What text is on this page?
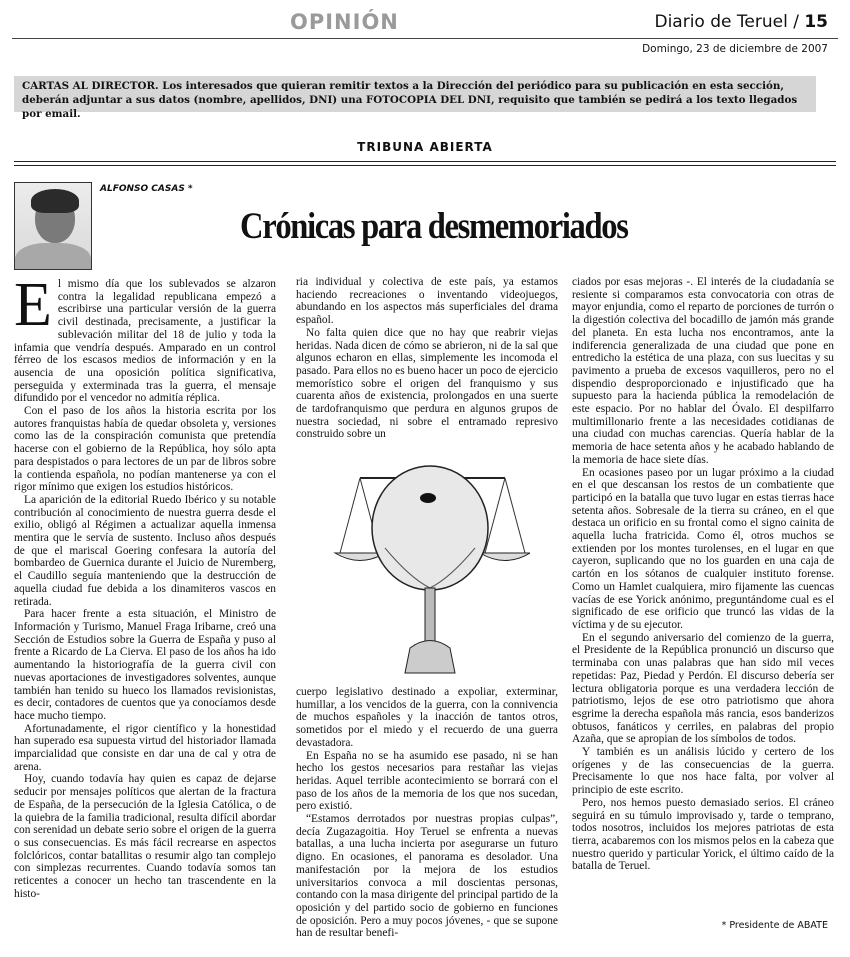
OPINIÓN	Diario de Teruel / 15
Domingo, 23 de diciembre de 2007
CARTAS AL DIRECTOR. Los interesados que quieran remitir textos a la Dirección del periódico para su publicación en esta sección, deberán adjuntar a sus datos (nombre, apellidos, DNI) una FOTOCOPIA DEL DNI, requisito que también se pedirá a los texto llegados por email.
TRIBUNA ABIERTA
ALFONSO CASAS *
Crónicas para desmemoriados

El mismo día que los sublevados se alzaron contra la legalidad republicana empezó a escribirse una particular versión de la guerra civil destinada, precisamente, a justificar la sublevación militar del 18 de julio y toda la infamia que vendría después. Amparado en un control férreo de los escasos medios de información y en la ausencia de una oposición política significativa, perseguida y exterminada tras la guerra, el mensaje difundido por el vencedor no admitía réplica.

Con el paso de los años la historia escrita por los autores franquistas había de quedar obsoleta y, versiones como las de la conspiración comunista que pretendía hacerse con el gobierno de la República, hoy sólo apta para despistados o para lectores de un par de libros sobre la contienda española, no podían mantenerse ya con el rigor mínimo que exigen los estudios históricos.

La aparición de la editorial Ruedo Ibérico y su notable contribución al conocimiento de nuestra guerra desde el exilio, obligó al Régimen a actualizar aquella inmensa mentira que le servía de sustento. Incluso años después de que el mariscal Goering confesara la autoría del bombardeo de Guernica durante el Juicio de Nuremberg, el Caudillo seguía manteniendo que la destrucción de aquella ciudad fue debida a los dinamiteros vascos en retirada.

Para hacer frente a esta situación, el Ministro de Información y Turismo, Manuel Fraga Iribarne, creó una Sección de Estudios sobre la Guerra de España y puso al frente a Ricardo de La Cierva. El paso de los años ha ido aumentando la historiografía de la guerra civil con nuevas aportaciones de investigadores solventes, aunque también han tenido su hueco los llamados revisionistas, es decir, contadores de cuentos que ya conocíamos desde hace mucho tiempo.

Afortunadamente, el rigor científico y la honestidad han superado esa supuesta virtud del historiador llamada imparcialidad que consiste en dar una de cal y otra de arena.

Hoy, cuando todavía hay quien es capaz de dejarse seducir por mensajes políticos que alertan de la fractura de España, de la persecución de la Iglesia Católica, o de la quiebra de la familia tradicional, resulta difícil abordar con serenidad un debate serio sobre el origen de la guerra o sus consecuencias. Es más fácil recrearse en aspectos folclóricos, contar batallitas o resumir algo tan complejo con simplezas recurrentes. Cuando todavía somos tan reticentes a conocer un hecho tan trascendente en la histo-

ria individual y colectiva de este país, ya estamos haciendo recreaciones o inventando videojuegos, abundando en los aspectos más superficiales del drama español.

No falta quien dice que no hay que reabrir viejas heridas. Nada dicen de cómo se abrieron, ni de la sal que algunos echaron en ellas, simplemente les incomoda el pasado. Para ellos no es bueno hacer un poco de ejercicio memorístico sobre el origen del franquismo y sus cuarenta años de existencia, prolongados en una suerte de tardofranquismo que perdura en algunos grupos de nuestra sociedad, ni sobre el entramado represivo construido sobre un

cuerpo legislativo destinado a expoliar, exterminar, humillar, a los vencidos de la guerra, con la connivencia de muchos españoles y la inacción de tantos otros, sometidos por el miedo y el recuerdo de una guerra devastadora.

En España no se ha asumido ese pasado, ni se han hecho los gestos necesarios para restañar las viejas heridas. Aquel terrible acontecimiento se borrará con el paso de los años de la memoria de los que nos sucedan, pero existió.

“Estamos derrotados por nuestras propias culpas”, decía Zugazagoitia. Hoy Teruel se enfrenta a nuevas batallas, a una lucha incierta por asegurarse un futuro digno. En ocasiones, el panorama es desolador. Una manifestación por la mejora de los estudios universitarios convoca a mil doscientas personas, contando con la masa dirigente del principal partido de la oposición y del partido socio de gobierno en funciones de oposición. Pero a muy pocos jóvenes, - que se supone han de resultar benefi-

ciados por esas mejoras -. El interés de la ciudadanía se resiente si comparamos esta convocatoria con otras de mayor enjundia, como el reparto de porciones de turrón o la digestión colectiva del bocadillo de jamón más grande del planeta. En esta lucha nos encontramos, ante la indiferencia generalizada de una ciudad que pone en entredicho la estética de una plaza, con sus luecitas y su pavimento a prueba de excesos vaquilleros, pero no el dispendio desproporcionado e injustificado que ha supuesto para la hacienda pública la remodelación de este espacio. Por no hablar del Óvalo. El despilfarro multimillonario frente a las necesidades cotidianas de una ciudad con muchas carencias. Quería hablar de la memoria de hace setenta años y he acabado hablando de la memoria de hace siete días.

En ocasiones paseo por un lugar próximo a la ciudad en el que descansan los restos de un combatiente que participó en la batalla que tuvo lugar en estas tierras hace setenta años. Sobresale de la tierra su cráneo, en el que destaca un orificio en su frontal como el signo cainita de aquella lucha fratricida. Como él, otros muchos se extienden por los montes turolenses, en el lugar en que cayeron, suplicando que no los guarden en una caja de cartón en los sótanos de cualquier instituto forense. Como un Hamlet cualquiera, miro fijamente las cuencas vacías de ese Yorick anónimo, preguntándome cual es el significado de ese orificio que truncó las vidas de la víctima y de su ejecutor.

En el segundo aniversario del comienzo de la guerra, el Presidente de la República pronunció un discurso que terminaba con unas palabras que han sido mil veces repetidas: Paz, Piedad y Perdón. El discurso debería ser lectura obligatoria porque es una verdadera lección de patriotismo, lejos de ese otro patriotismo que ahora esgrime la derecha española más rancia, esos banderizos obtusos, fanáticos y cerriles, en palabras del propio Azaña, que se apropian de los símbolos de todos.

Y también es un análisis lúcido y certero de los orígenes y de las consecuencias de la guerra. Precisamente lo que nos hace falta, por volver al principio de este escrito.

Pero, nos hemos puesto demasiado serios. El cráneo seguirá en su túmulo improvisado y, tarde o temprano, todos nosotros, incluidos los mejores patriotas de esta tierra, acabaremos con los mismos pelos en la cabeza que nuestro querido y particular Yorick, el último caído de la batalla de Teruel.

* Presidente de ABATE
